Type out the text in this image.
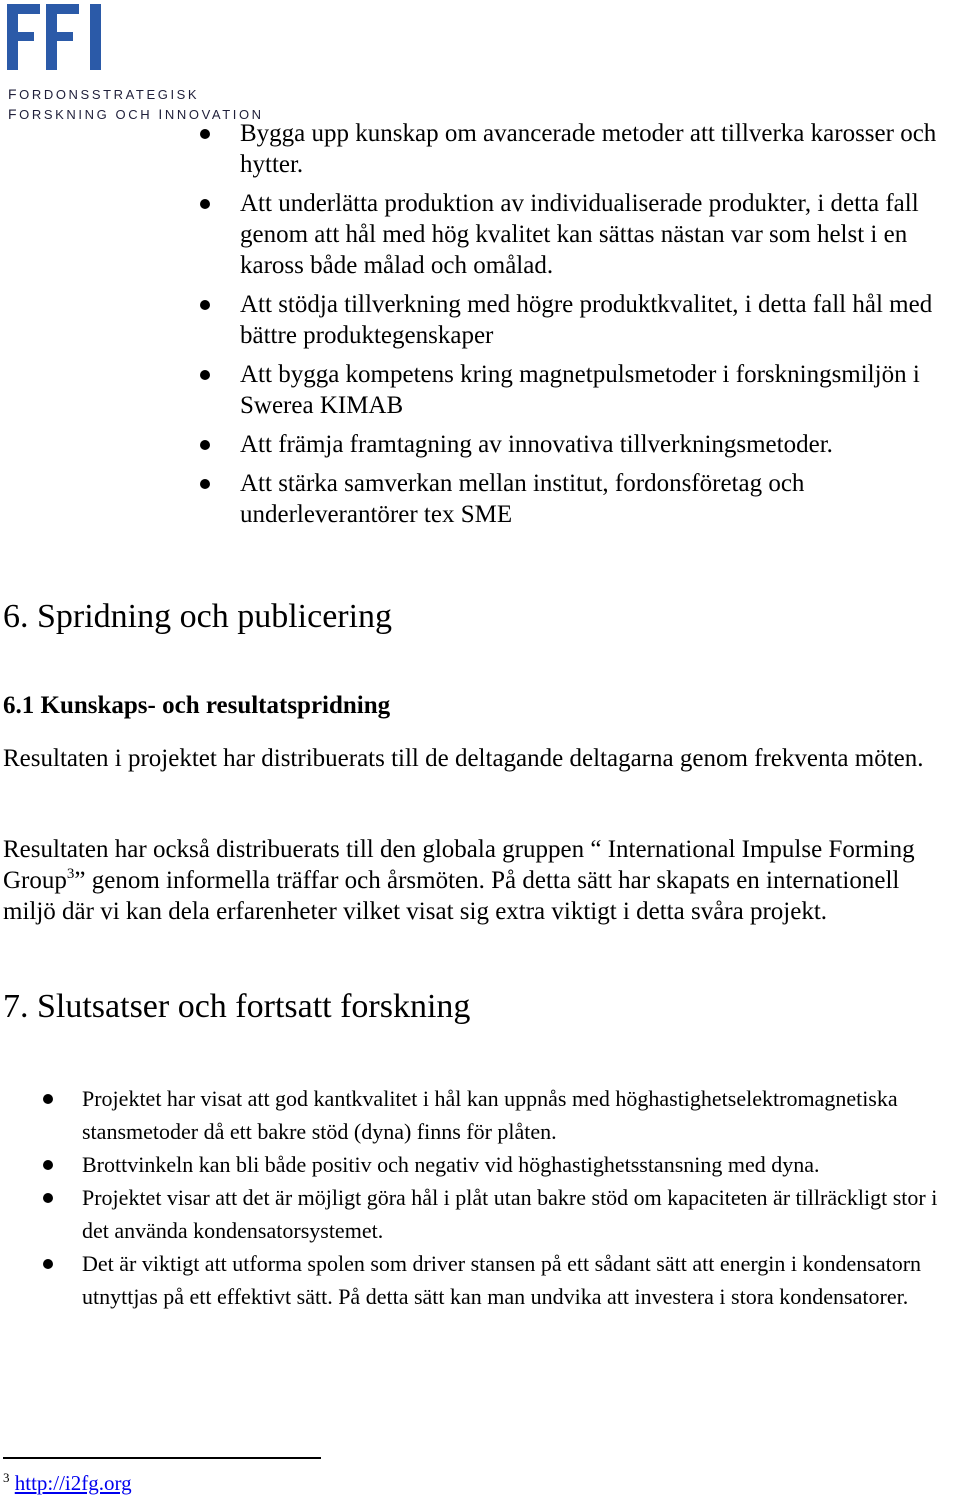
FORDONSSTRATEGISK
FORSKNING OCH INNOVATION
Bygga upp kunskap om avancerade metoder att tillverka karosser och hytter.
Att underlätta produktion av individualiserade produkter, i detta fall genom att hål med hög kvalitet kan sättas nästan var som helst i en kaross både målad och omålad.
Att stödja tillverkning med högre produktkvalitet, i detta fall hål med bättre produktegenskaper
Att bygga kompetens kring magnetpulsmetoder i forskningsmiljön i Swerea KIMAB
Att främja framtagning av innovativa tillverkningsmetoder.
Att stärka samverkan mellan institut, fordonsföretag och underleverantörer tex SME
6. Spridning och publicering
6.1 Kunskaps- och resultatspridning

Resultaten i projektet har distribuerats till de deltagande deltagarna genom frekventa möten.

Resultaten har också distribuerats till den globala gruppen “ International Impulse Forming Group$^3$” genom informella träffar och årsmöten. På detta sätt har skapats en internationell miljö där vi kan dela erfarenheter vilket visat sig extra viktigt i detta svåra projekt.

7. Slutsatser och fortsatt forskning
Projektet har visat att god kantkvalitet i hål kan uppnås med höghastighetselektromagnetiska stansmetoder då ett bakre stöd (dyna) finns för plåten.
Brottvinkeln kan bli både positiv och negativ vid höghastighetsstansning med dyna.
Projektet visar att det är möjligt göra hål i plåt utan bakre stöd om kapaciteten är tillräckligt stor i det använda kondensatorsystemet.
Det är viktigt att utforma spolen som driver stansen på ett sådant sätt att energin i kondensatorn utnyttjas på ett effektivt sätt. På detta sätt kan man undvika att investera i stora kondensatorer.
$^3$ http://i2fg.org
